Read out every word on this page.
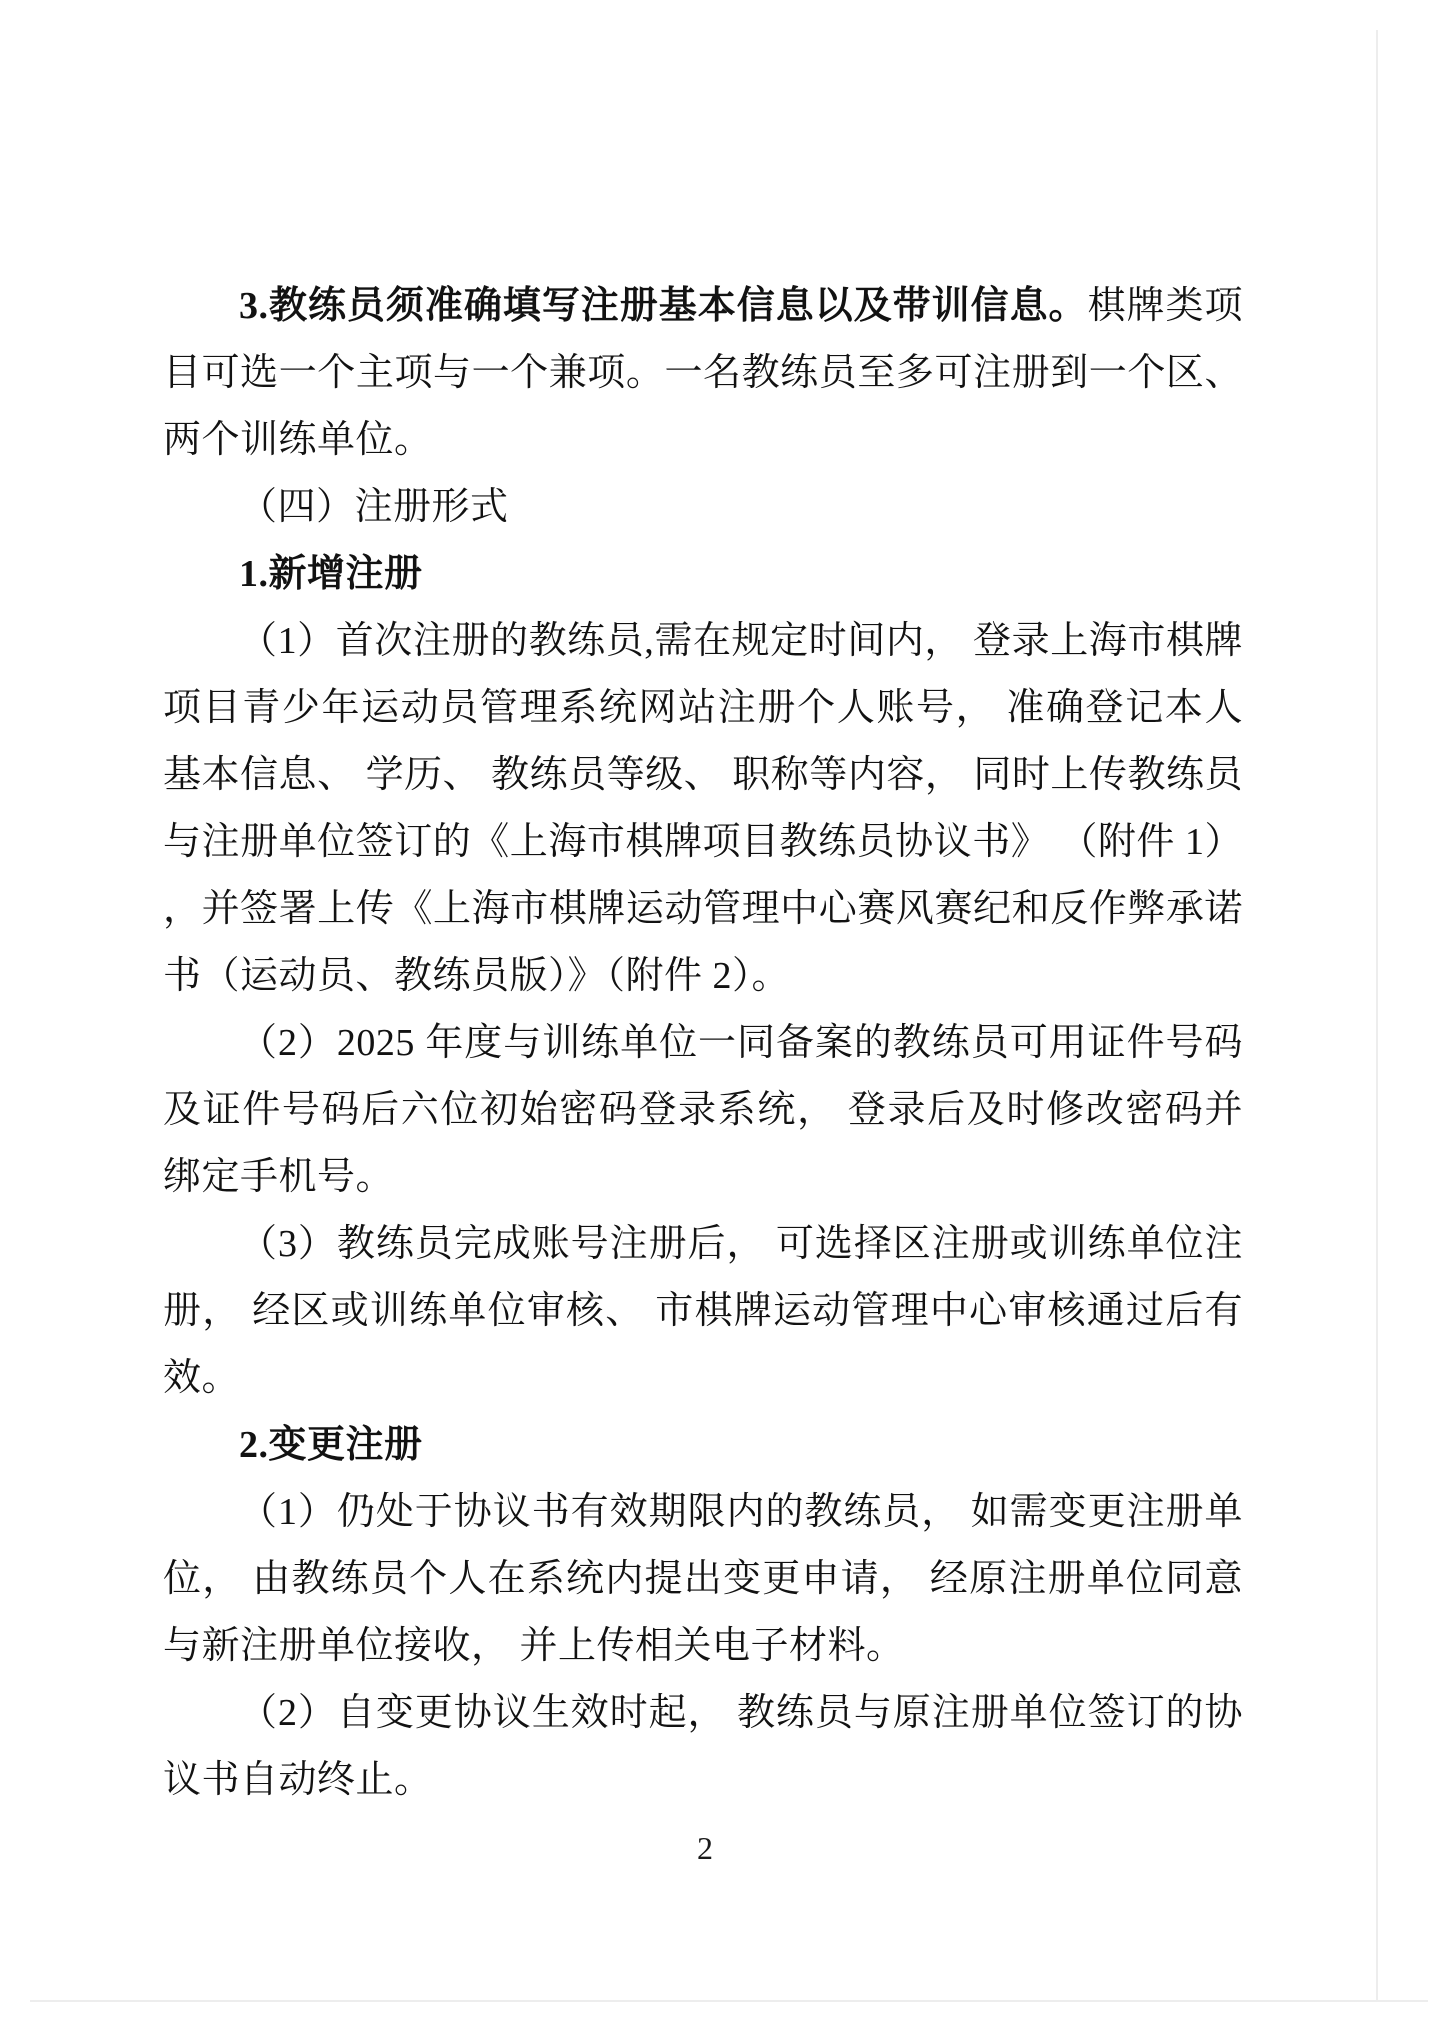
3.教练员须准确填写注册基本信息以及带训信息。棋牌类项目可选一个主项与一个兼项。一名教练员至多可注册到一个区、两个训练单位。

（四）注册形式

1.新增注册

（1）首次注册的教练员,需在规定时间内， 登录上海市棋牌项目青少年运动员管理系统网站注册个人账号， 准确登记本人基本信息、 学历、 教练员等级、 职称等内容， 同时上传教练员与注册单位签订的《上海市棋牌项目教练员协议书》 （附件 1） ，并签署上传《上海市棋牌运动管理中心赛风赛纪和反作弊承诺书（运动员、教练员版）》（附件 2）。

（2）2025 年度与训练单位一同备案的教练员可用证件号码及证件号码后六位初始密码登录系统， 登录后及时修改密码并绑定手机号。

（3）教练员完成账号注册后， 可选择区注册或训练单位注册， 经区或训练单位审核、 市棋牌运动管理中心审核通过后有效。

2.变更注册

（1）仍处于协议书有效期限内的教练员， 如需变更注册单位， 由教练员个人在系统内提出变更申请， 经原注册单位同意与新注册单位接收， 并上传相关电子材料。

（2）自变更协议生效时起， 教练员与原注册单位签订的协议书自动终止。

2
